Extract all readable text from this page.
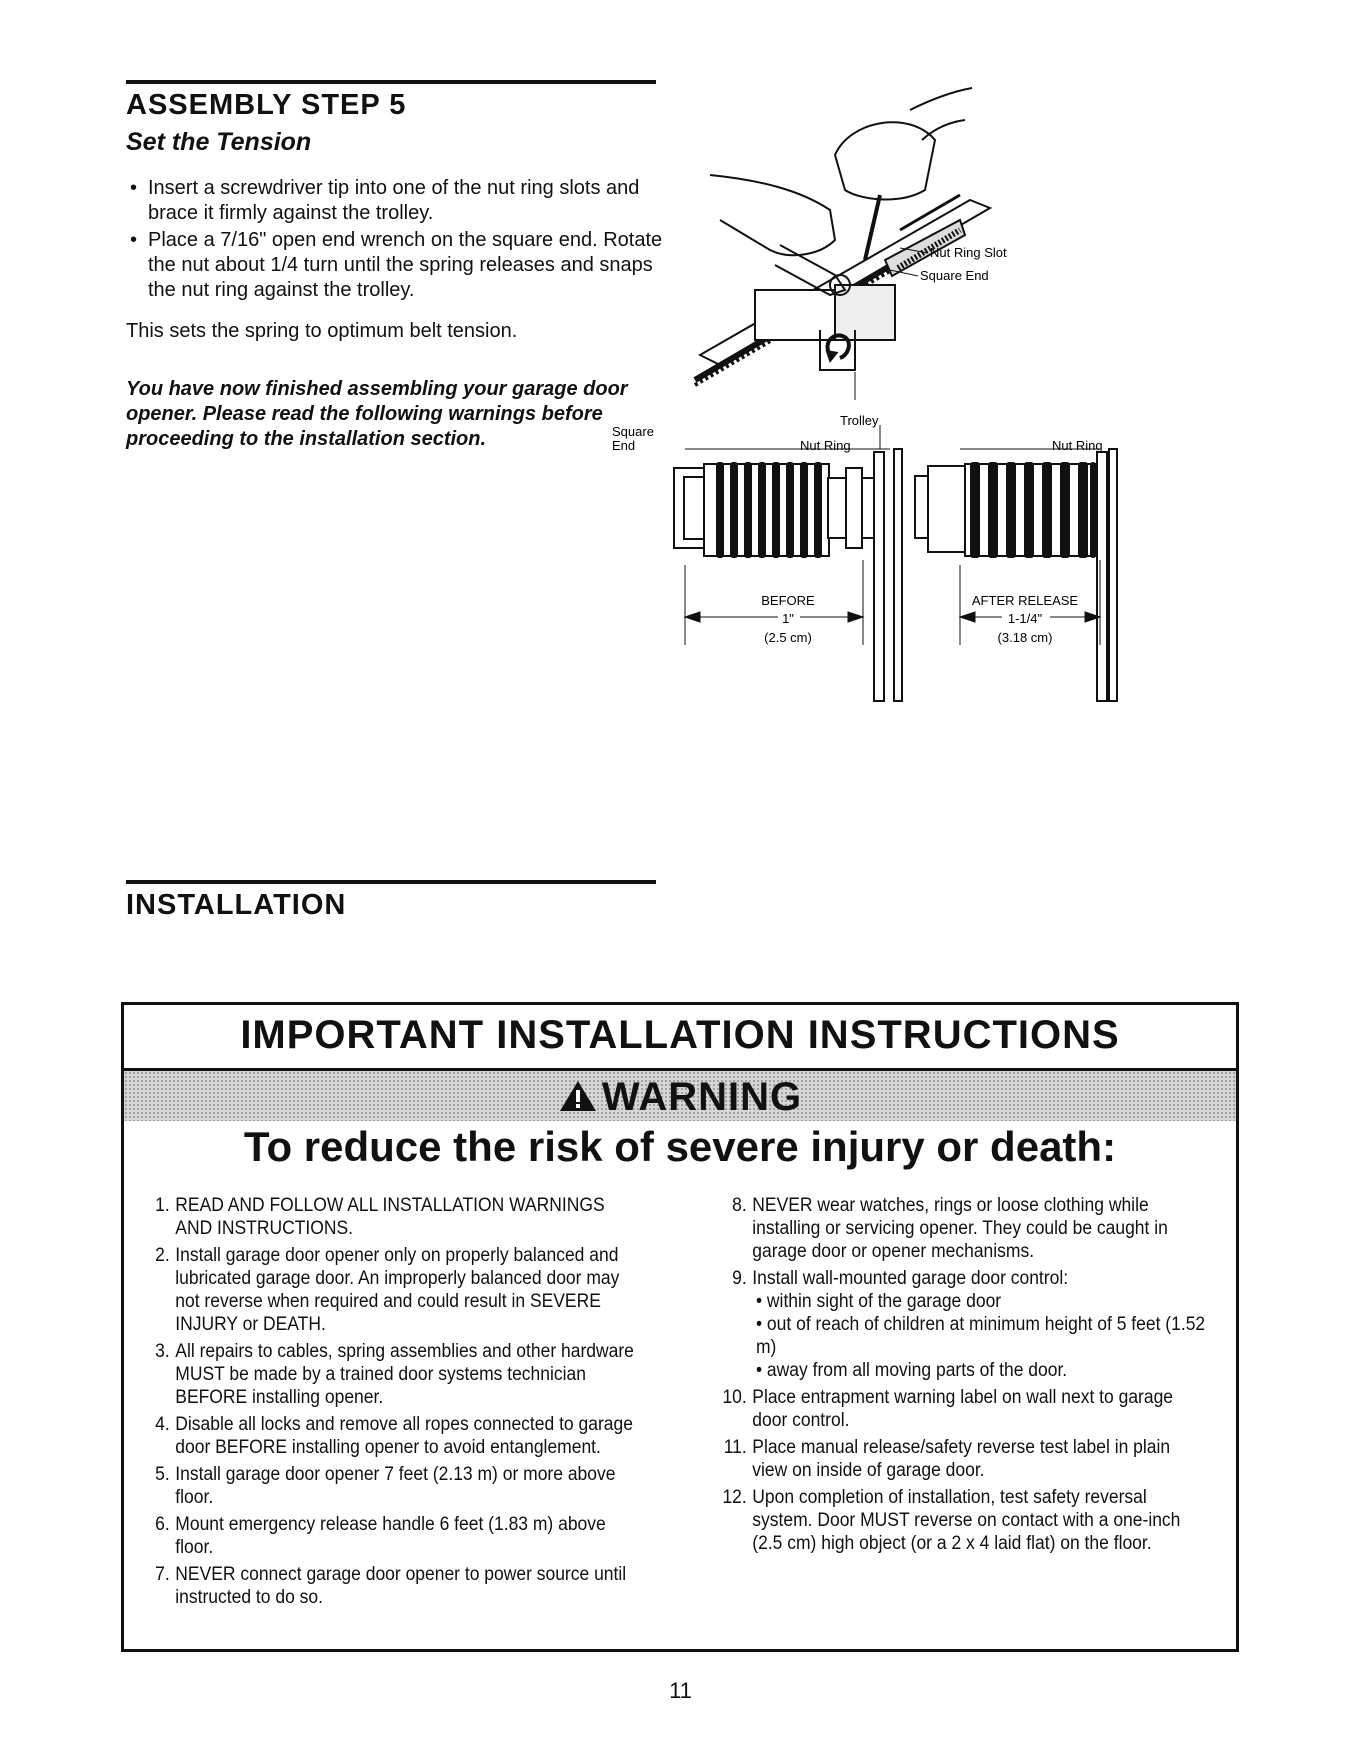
ASSEMBLY STEP 5
Set the Tension
• Insert a screwdriver tip into one of the nut ring slots and brace it firmly against the trolley.
• Place a 7/16" open end wrench on the square end. Rotate the nut about 1/4 turn until the spring releases and snaps the nut ring against the trolley.
This sets the spring to optimum belt tension.
You have now finished assembling your garage door opener. Please read the following warnings before proceeding to the installation section.
Nut Ring Slot
Square End
Trolley
Square
End	Nut Ring
BEFORE
1"
(2.5 cm)
Nut Ring
AFTER RELEASE
1-1/4"
(3.18 cm)
INSTALLATION
IMPORTANT INSTALLATION INSTRUCTIONS
WARNING
To reduce the risk of severe injury or death:
1. READ AND FOLLOW ALL INSTALLATION WARNINGS AND INSTRUCTIONS.
2. Install garage door opener only on properly balanced and lubricated garage door. An improperly balanced door may not reverse when required and could result in SEVERE INJURY or DEATH.
3. All repairs to cables, spring assemblies and other hardware MUST be made by a trained door systems technician BEFORE installing opener.
4. Disable all locks and remove all ropes connected to garage door BEFORE installing opener to avoid entanglement.
5. Install garage door opener 7 feet (2.13 m) or more above floor.
6. Mount emergency release handle 6 feet (1.83 m) above floor.
7. NEVER connect garage door opener to power source until instructed to do so.
8. NEVER wear watches, rings or loose clothing while installing or servicing opener. They could be caught in garage door or opener mechanisms.
9. Install wall-mounted garage door control:
• within sight of the garage door
• out of reach of children at minimum height of 5 feet (1.52 m)
• away from all moving parts of the door.
10. Place entrapment warning label on wall next to garage door control.
11. Place manual release/safety reverse test label in plain view on inside of garage door.
12. Upon completion of installation, test safety reversal system. Door MUST reverse on contact with a one-inch (2.5 cm) high object (or a 2 x 4 laid flat) on the floor.
11
